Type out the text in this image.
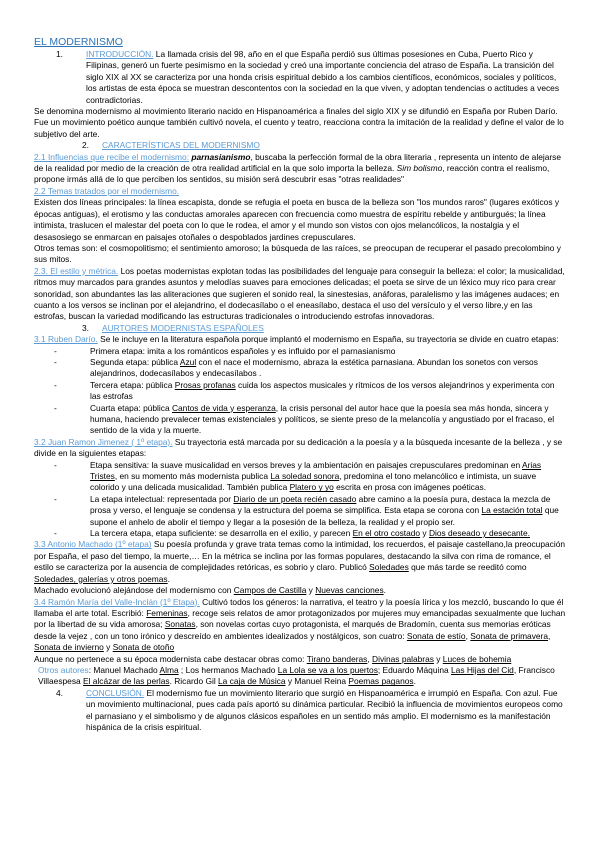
EL MODERNISMO
1.	INTRODUCCIÓN. La llamada crisis del 98, año en el que España perdió sus últimas posesiones en Cuba, Puerto Rico y Filipinas, generó un fuerte pesimismo en la sociedad y creó una importante conciencia del atraso de España. La transición del siglo XIX al XX se caracteriza por una honda crisis espiritual debido a los cambios científicos, económicos, sociales y políticos, los artistas de esta época se muestran descontentos con la sociedad en la que viven, y adoptan tendencias o actitudes a veces contradictorias.

Se denomina modernismo al movimiento literario nacido en Hispanoamérica a finales del siglo XIX y se difundió en España por Ruben Darío. Fue un movimiento poético aunque también cultivó novela, el cuento y teatro, reacciona contra la imitación de la realidad y define el valor de lo subjetivo del arte.

2.	CARACTERÍSTICAS DEL MODERNISMO

2.1 Influencias que recibe el modernismo: parnasianismo, buscaba la perfección formal de la obra literaria , representa un intento de alejarse de la realidad por medio de la creación de otra realidad artificial en la que solo importa la belleza. Sim bolismo, reacción contra el realismo, propone irmás allá de lo que perciben los sentidos, su misión será descubrir esas "otras realidades"

2.2 Temas tratados por el modernismo.

Existen dos líneas principales: la línea escapista, donde se refugia el poeta en busca de la belleza son "los mundos raros" (lugares exóticos y épocas antiguas), el erotismo y las conductas amorales aparecen con frecuencia como muestra de espíritu rebelde y antiburgués; la línea intimista, traslucen el malestar del poeta con lo que le rodea, el amor y el mundo son vistos con ojos melancólicos, la nostalgia y el desasosiego se enmarcan en paisajes otoñales o despoblados jardines crepusculares.

Otros temas son: el cosmopolitismo; el sentimiento amoroso; la búsqueda de las raíces, se preocupan de recuperar el pasado precolombino y sus mitos.

2.3. El estilo y métrica. Los poetas modernistas explotan todas las posibilidades del lenguaje para conseguir la belleza: el color; la musicalidad, ritmos muy marcados para grandes asuntos y melodías suaves para emociones delicadas; el poeta se sirve de un léxico muy rico para crear sonoridad, son abundantes las las aliteraciones que sugieren el sonido real, la sinestesias, anáforas, paralelismo y las imágenes audaces; en cuanto a los versos se inclinan por el alejandrino, el dodecasílabo o el eneasílabo, destaca el uso del versículo y el verso libre,y en las estrofas, buscan la variedad modificando las estructuras tradicionales o introduciendo estrofas innovadoras.

3.	AURTORES MODERNISTAS ESPAÑOLES

3.1 Ruben Darío. Se le incluye en la literatura española porque implantó el modernismo en España, su trayectoria se divide en cuatro etapas:

-	Primera etapa: imita a los románticos españoles y es influido por el parnasianismo
-	Segunda etapa: pública Azul con el nace el modernismo, abraza la estética parnasiana. Abundan los sonetos con versos alejandrinos, dodecasílabos y endecasílabos .
-	Tercera etapa: pública Prosas profanas cuida los aspectos musicales y rítmicos de los versos alejandrinos y experimenta con las estrofas
-	Cuarta etapa: pública Cantos de vida y esperanza, la crisis personal del autor hace que la poesía sea más honda, sincera y humana, haciendo prevalecer temas existenciales y políticos, se siente preso de la melancolía y angustiado por el fracaso, el sentido de la vida y la muerte.

3.2 Juan Ramon Jimenez ( 1º etapa). Su trayectoria está marcada por su dedicación a la poesía y a la búsqueda incesante de la belleza , y se divide en la siguientes etapas:

-	Etapa sensitiva: la suave musicalidad en versos breves y la ambientación en paisajes crepusculares predominan en Arias Tristes, en su momento más modernista publica La soledad sonora, predomina el tono melancólico e intimista, un suave colorido y una delicada musicalidad. También publica Platero y yo escrita en prosa con imágenes poéticas.
-	La etapa intelectual: representada por Diario de un poeta recién casado abre camino a la poesía pura, destaca la mezcla de prosa y verso, el lenguaje se condensa y la estructura del poema se simplifica. Esta etapa se corona con La estación total que supone el anhelo de abolir el tiempo y llegar a la posesión de la belleza, la realidad y el propio ser.
-	La tercera etapa, etapa suficiente: se desarrolla en el exilio, y parecen En el otro costado y Dios deseado y desecante.

3.3 Antonio Machado (1º etapa) Su poesía profunda y grave trata temas como la intimidad, los recuerdos, el paisaje castellano,la preocupación por España, el paso del tiempo, la muerte,… En la métrica se inclina por las formas populares, destacando la silva con rima de romance, el estilo se caracteriza por la ausencia de complejidades retóricas, es sobrio y claro. Publicó Soledades que más tarde se reeditó como Soledades, galerías y otros poemas.

Machado evolucionó alejándose del modernismo con Campos de Castilla y Nuevas canciones.

3.4 Ramón María del Valle-Inclán (1º Etapa). Cultivó todos los géneros: la narrativa, el teatro y la poesía lírica y los mezcló, buscando lo que él llamaba el arte total. Escribió: Femeninas, recoge seis relatos de amor protagonizados por mujeres muy emancipadas sexualmente que luchan por la libertad de su vida amorosa; Sonatas, son novelas cortas cuyo protagonista, el marqués de Bradomín, cuenta sus memorias eróticas desde la vejez , con un tono irónico y descreído en ambientes idealizados y nostálgicos, son cuatro: Sonata de estío, Sonata de primavera, Sonata de invierno y Sonata de otoño

Aunque no pertenece a su época modernista cabe destacar obras como: Tirano banderas, Divinas palabras y Luces de bohemia

Otros autores: Manuel Machado Alma ; Los hermanos Machado La Lola se va a los puertos; Eduardo Máquina Las Hijas del Cid, Francisco Villaespesa El alcázar de las perlas. Ricardo Gil La caja de Música y Manuel Reina Poemas paganos.

4.	CONCLUSIÓN. El modernismo fue un movimiento literario que surgió en Hispanoamérica e irrumpió en España. Con azul. Fue un movimiento multinacional, pues cada país aportó su dinámica particular. Recibió la influencia de movimientos europeos como el parnasiano y el simbolismo y de algunos clásicos españoles en un sentido más amplio. El modernismo es la manifestación hispánica de la crisis espiritual.
